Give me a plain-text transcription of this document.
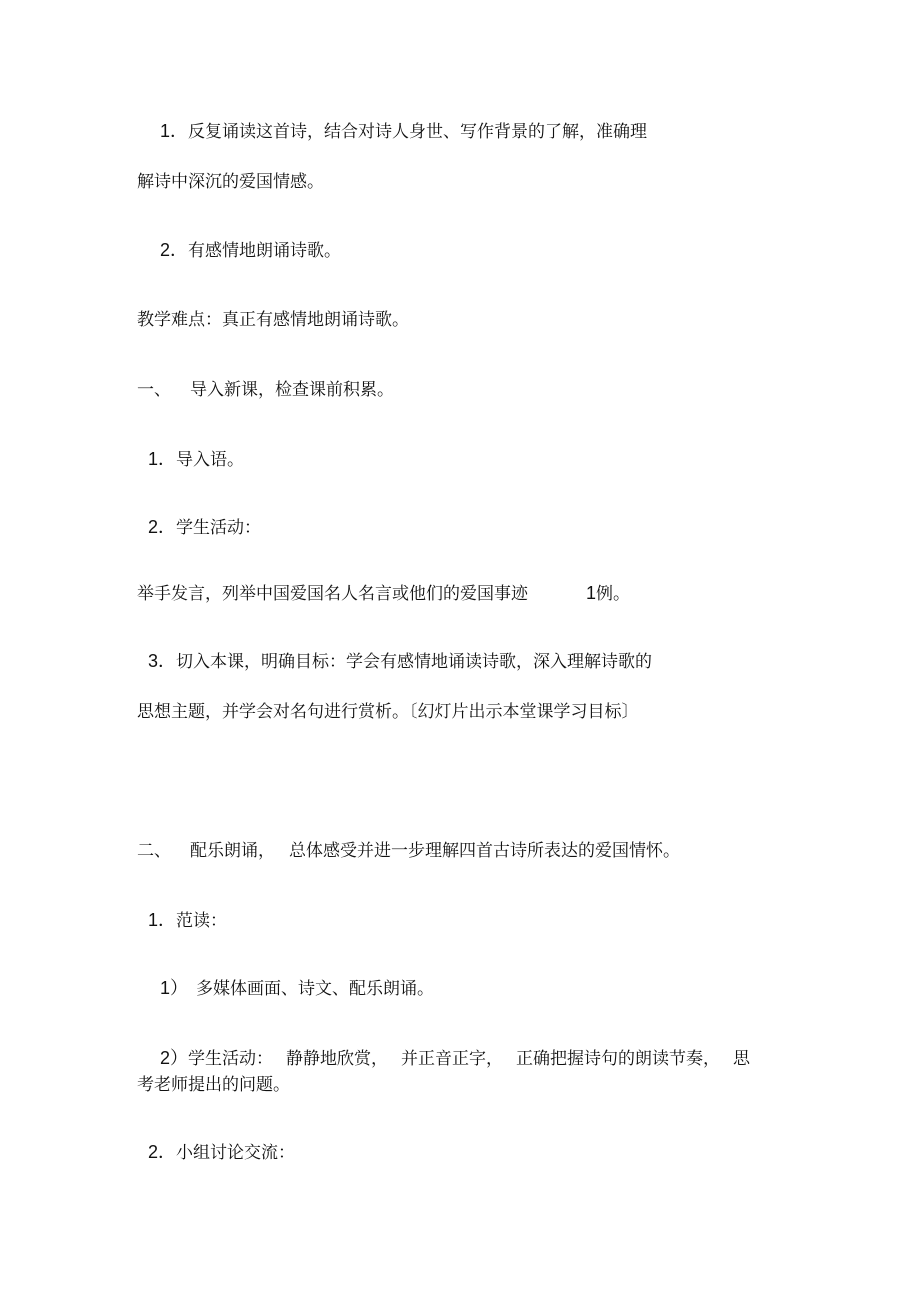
1．反复诵读这首诗，结合对诗人身世、写作背景的了解，准确理
解诗中深沉的爱国情感。
2．有感情地朗诵诗歌。
教学难点：真正有感情地朗诵诗歌。
一、 导入新课，检查课前积累。
1．导入语。
2．学生活动：
举手发言，列举中国爱国名人名言或他们的爱国事迹	1例。
3．切入本课，明确目标：学会有感情地诵读诗歌，深入理解诗歌的
思想主题，并学会对名句进行赏析。〔幻灯片出示本堂课学习目标〕
二、 配乐朗诵， 总体感受并进一步理解四首古诗所表达的爱国情怀。
1．范读：
1） 多媒体画面、诗文、配乐朗诵。
2）学生活动： 静静地欣赏， 并正音正字， 正确把握诗句的朗读节奏， 思
考老师提出的问题。
2．小组讨论交流：
